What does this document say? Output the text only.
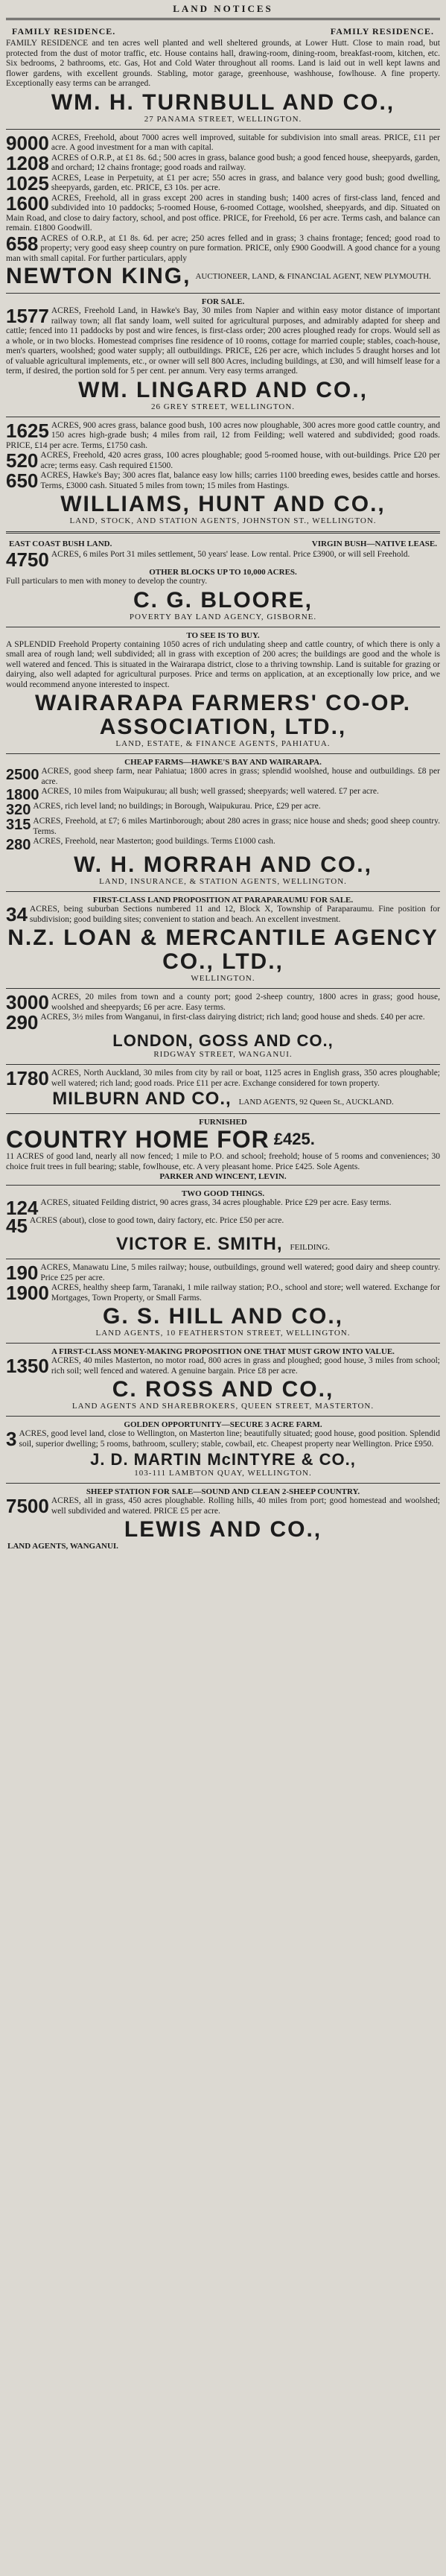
LAND NOTICES
FAMILY RESIDENCE.	FAMILY RESIDENCE.

FAMILY RESIDENCE and ten acres well planted and well sheltered grounds, at Lower Hutt. Close to main road, but protected from the dust of motor traffic, etc. House contains hall, drawing-room, dining-room, breakfast-room, kitchen, etc. Six bedrooms, 2 bathrooms, etc. Gas, Hot and Cold Water throughout all rooms. Land is laid out in well kept lawns and flower gardens, with excellent grounds. Stabling, motor garage, greenhouse, washhouse, fowlhouse. A fine property. Exceptionally easy terms can be arranged.

WM. H. TURNBULL AND CO.,
27 PANAMA STREET, WELLINGTON.
9000 ACRES, Freehold, about 7000 acres well improved, suitable for subdivision into small areas. PRICE, £11 per acre. A good investment for a man with capital.

1208 ACRES of O.R.P., at £1 8s. 6d.; 500 acres in grass, balance good bush; a good fenced house, sheepyards, garden, and orchard; 12 chains frontage; good roads and railway.

1025 ACRES, Lease in Perpetuity, at £1 per acre; 550 acres in grass, and balance very good bush; good dwelling, sheepyards, garden, etc. PRICE, £3 10s. per acre.

1600 ACRES, Freehold, all in grass except 200 acres in standing bush; 1400 acres of first-class land, fenced and subdivided into 10 paddocks; 5-roomed House, 6-roomed Cottage, woolshed, sheepyards, and dip. Situated on Main Road, and close to dairy factory, school, and post office. PRICE, for Freehold, £6 per acre. Terms cash, and balance can remain. £1800 Goodwill.

658 ACRES of O.R.P., at £1 8s. 6d. per acre; 250 acres felled and in grass; 3 chains frontage; fenced; good road to property; very good easy sheep country on pure formation. PRICE, only £900 Goodwill. A good chance for a young man with small capital. For further particulars, apply

NEWTON KING, AUCTIONEER, LAND, & FINANCIAL AGENT, NEW PLYMOUTH.
FOR SALE.
1577 ACRES, Freehold Land, in Hawke's Bay, 30 miles from Napier and within easy motor distance of important railway town; all flat sandy loam, well suited for agricultural purposes, and admirably adapted for sheep and cattle; fenced into 11 paddocks by post and wire fences, is first-class order; 200 acres ploughed ready for crops. Would sell as a whole, or in two blocks. Homestead comprises fine residence of 10 rooms, cottage for married couple; stables, coach-house, men's quarters, woolshed; good water supply; all outbuildings. PRICE, £26 per acre, which includes 5 draught horses and lot of valuable agricultural implements, etc., or owner will sell 800 Acres, including buildings, at £30, and will himself lease for a term, if desired, the portion sold for 5 per cent. per annum. Very easy terms arranged.

WM. LINGARD AND CO.,
26 GREY STREET, WELLINGTON.
1625 ACRES, 900 acres grass, balance good bush, 100 acres now ploughable, 300 acres more good cattle country, and 150 acres high-grade bush; 4 miles from rail, 12 from Feilding; well watered and subdivided; good roads. PRICE, £14 per acre. Terms, £1750 cash.

520 ACRES, Freehold, 420 acres grass, 100 acres ploughable; good 5-roomed house, with out-buildings. Price £20 per acre; terms easy. Cash required £1500.

650 ACRES, Hawke's Bay; 300 acres flat, balance easy low hills; carries 1100 breeding ewes, besides cattle and horses. Terms, £3000 cash. Situated 5 miles from town; 15 miles from Hastings.

WILLIAMS, HUNT AND CO.,
LAND, STOCK, AND STATION AGENTS, JOHNSTON ST., WELLINGTON.
EAST COAST BUSH LAND.	VIRGIN BUSH—NATIVE LEASE.
4750 ACRES, 6 miles Port 31 miles settlement, 50 years' lease. Low rental. Price £3900, or will sell Freehold.

OTHER BLOCKS UP TO 10,000 ACRES.

Full particulars to men with money to develop the country.

C. G. BLOORE,
POVERTY BAY LAND AGENCY, GISBORNE.
TO SEE IS TO BUY.

A SPLENDID Freehold Property containing 1050 acres of rich undulating sheep and cattle country, of which there is only a small area of rough land; well subdivided; all in grass with exception of 200 acres; the buildings are good and the whole is well watered and fenced. This is situated in the Wairarapa district, close to a thriving township. Land is suitable for grazing or dairying, also well adapted for agricultural purposes. Price and terms on application, at an exceptionally low price, and we would recommend anyone interested to inspect.

WAIRARAPA FARMERS' CO-OP. ASSOCIATION, LTD.,
LAND, ESTATE, & FINANCE AGENTS, PAHIATUA.
CHEAP FARMS—HAWKE'S BAY AND WAIRARAPA.
2500 ACRES, good sheep farm, near Pahiatua; 1800 acres in grass; splendid woolshed, house and outbuildings. £8 per acre.

1800 ACRES, 10 miles from Waipukurau; all bush; well grassed; sheepyards; well watered. £7 per acre.

320 ACRES, rich level land; no buildings; in Borough, Waipukurau. Price, £29 per acre.

315 ACRES, Freehold, at £7; 6 miles Martinborough; about 280 acres in grass; nice house and sheds; good sheep country. Terms.

280 ACRES, Freehold, near Masterton; good buildings. Terms £1000 cash.

W. H. MORRAH AND CO.,
LAND, INSURANCE, & STATION AGENTS, WELLINGTON.
FIRST-CLASS LAND PROPOSITION AT PARAPARAUMU FOR SALE.
34 ACRES, being suburban Sections numbered 11 and 12, Block X, Township of Paraparaumu. Fine position for subdivision; good building sites; convenient to station and beach. An excellent investment.

N.Z. LOAN & MERCANTILE AGENCY CO., LTD.,
WELLINGTON.
3000 ACRES, 20 miles from town and a county port; good 2-sheep country, 1800 acres in grass; good house, woolshed and sheepyards; £6 per acre. Easy terms.

290 ACRES, 3½ miles from Wanganui, in first-class dairying district; rich land; good house and sheds. £40 per acre.

LONDON, GOSS AND CO.,
RIDGWAY STREET, WANGANUI.
1780 ACRES, North Auckland, 30 miles from city by rail or boat, 1125 acres in English grass, 350 acres ploughable; well watered; rich land; good roads. Price £11 per acre. Exchange considered for town property.

MILBURN AND CO., LAND AGENTS, 92 Queen St., AUCKLAND.
FURNISHED
COUNTRY HOME FOR £425.

11 ACRES of good land, nearly all now fenced; 1 mile to P.O. and school; freehold; house of 5 rooms and conveniences; 30 choice fruit trees in full bearing; stable, fowlhouse, etc. A very pleasant home. Price £425. Sole Agents.

PARKER AND WINCENT, LEVIN.
TWO GOOD THINGS.
124 ACRES, situated Feilding district, 90 acres grass, 34 acres ploughable. Price £29 per acre. Easy terms.

45 ACRES (about), close to good town, dairy factory, etc. Price £50 per acre.

VICTOR E. SMITH, FEILDING.
190 ACRES, Manawatu Line, 5 miles railway; house, outbuildings, ground well watered; good dairy and sheep country. Price £25 per acre.

1900 ACRES, healthy sheep farm, Taranaki, 1 mile railway station; P.O., school and store; well watered. Exchange for Mortgages, Town Property, or Small Farms.

G. S. HILL AND CO.,
LAND AGENTS, 10 FEATHERSTON STREET, WELLINGTON.
A FIRST-CLASS MONEY-MAKING PROPOSITION ONE THAT MUST GROW INTO VALUE.
1350 ACRES, 40 miles Masterton, no motor road, 800 acres in grass and ploughed; good house, 3 miles from school; rich soil; well fenced and watered. A genuine bargain. Price £8 per acre.

C. ROSS AND CO.,
LAND AGENTS AND SHAREBROKERS, QUEEN STREET, MASTERTON.
GOLDEN OPPORTUNITY—SECURE 3 ACRE FARM.
3 ACRES, good level land, close to Wellington, on Masterton line; beautifully situated; good house, good position. Splendid soil, superior dwelling; 5 rooms, bathroom, scullery; stable, cowbail, etc. Cheapest property near Wellington. Price £950.

J. D. MARTIN McINTYRE & CO.,
103-111 LAMBTON QUAY, WELLINGTON.
SHEEP STATION FOR SALE—SOUND AND CLEAN 2-SHEEP COUNTRY.
7500 ACRES, all in grass, 450 acres ploughable. Rolling hills, 40 miles from port; good homestead and woolshed; well subdivided and watered. PRICE £5 per acre.

LEWIS AND CO.,
LAND AGENTS, WANGANUI.
